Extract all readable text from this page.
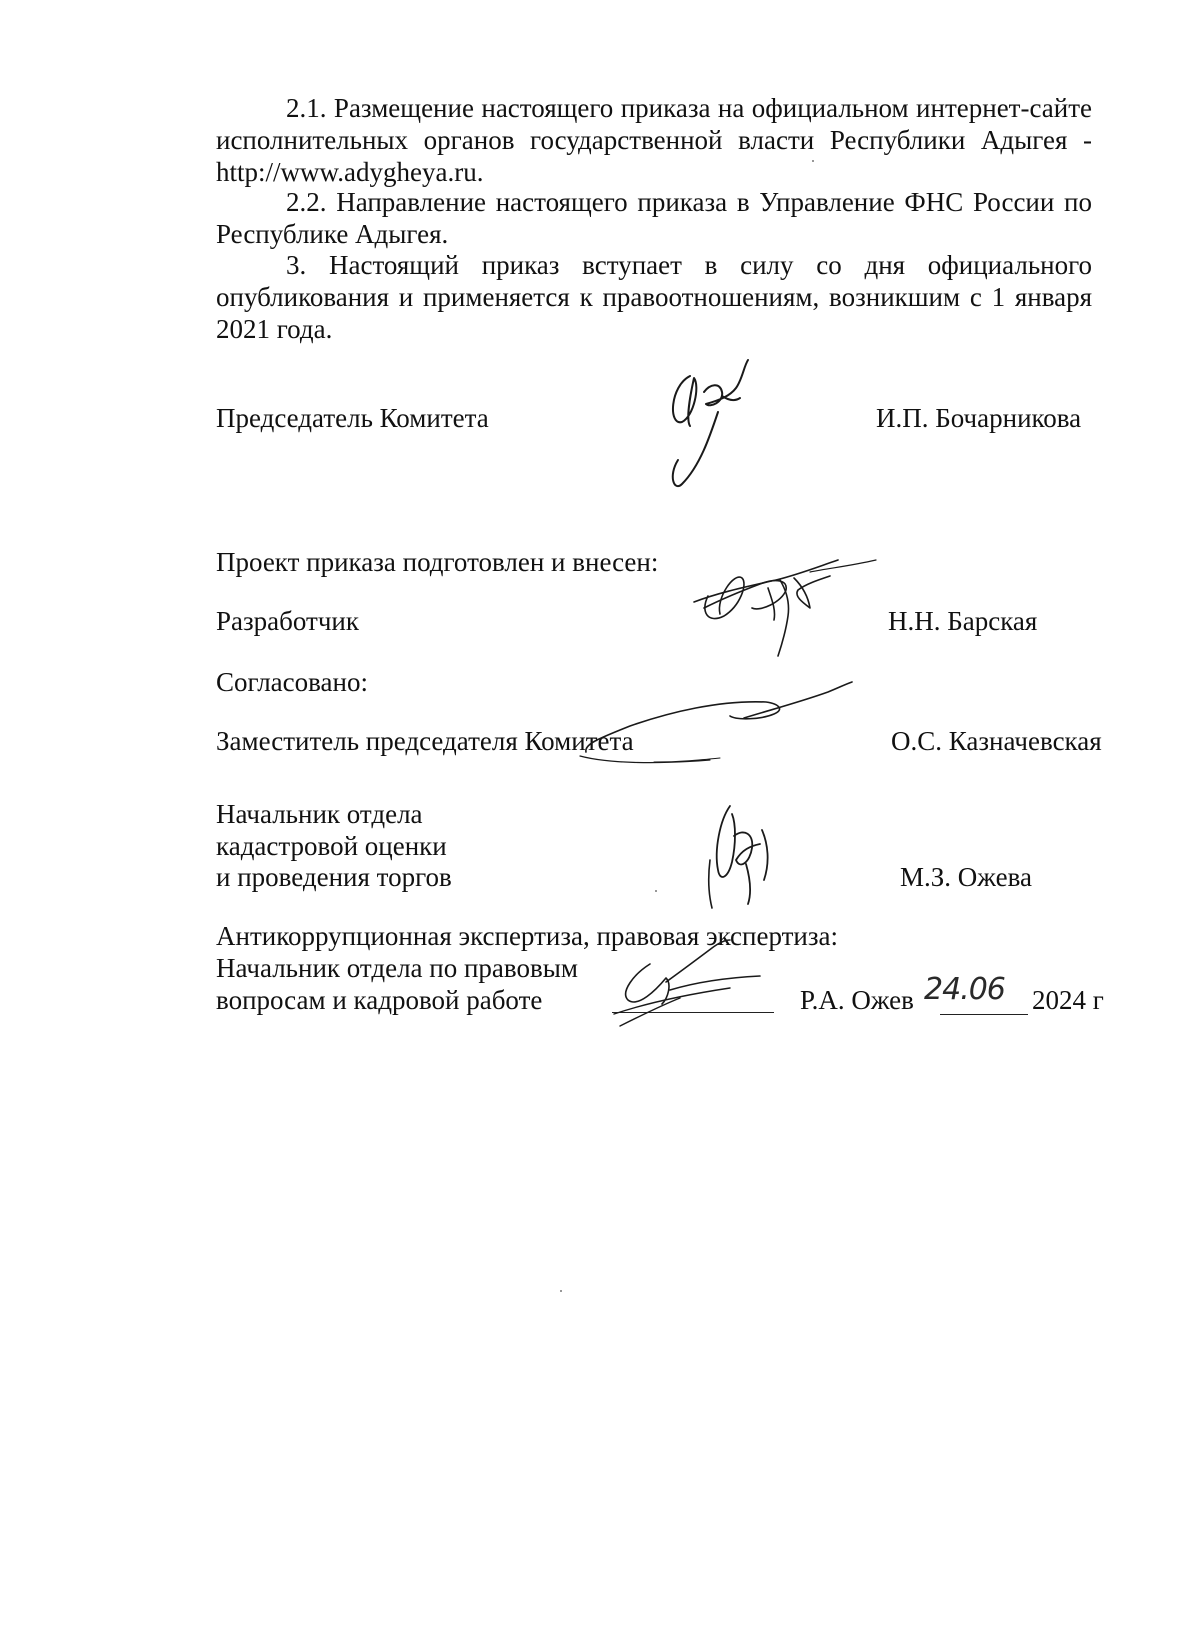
2.1. Размещение настоящего приказа на официальном интернет-сайте исполнительных органов государственной власти Республики Адыгея - http://www.adygheya.ru.

2.2. Направление настоящего приказа в Управление ФНС России по Республике Адыгея.

3. Настоящий приказ вступает в силу со дня официального опубликования и применяется к правоотношениям, возникшим с 1 января 2021 года.

Председатель Комитета	И.П. Бочарникова
Проект приказа подготовлен и внесен:
Разработчик	Н.Н. Барская
Согласовано:
Заместитель председателя Комитета	О.С. Казначевская
Начальник отдела
кадастровой оценки
и проведения торгов	М.З. Ожева
Антикоррупционная экспертиза, правовая экспертиза:
Начальник отдела по правовым
вопросам и кадровой работе	Р.А. Ожев 24.06 2024 г
